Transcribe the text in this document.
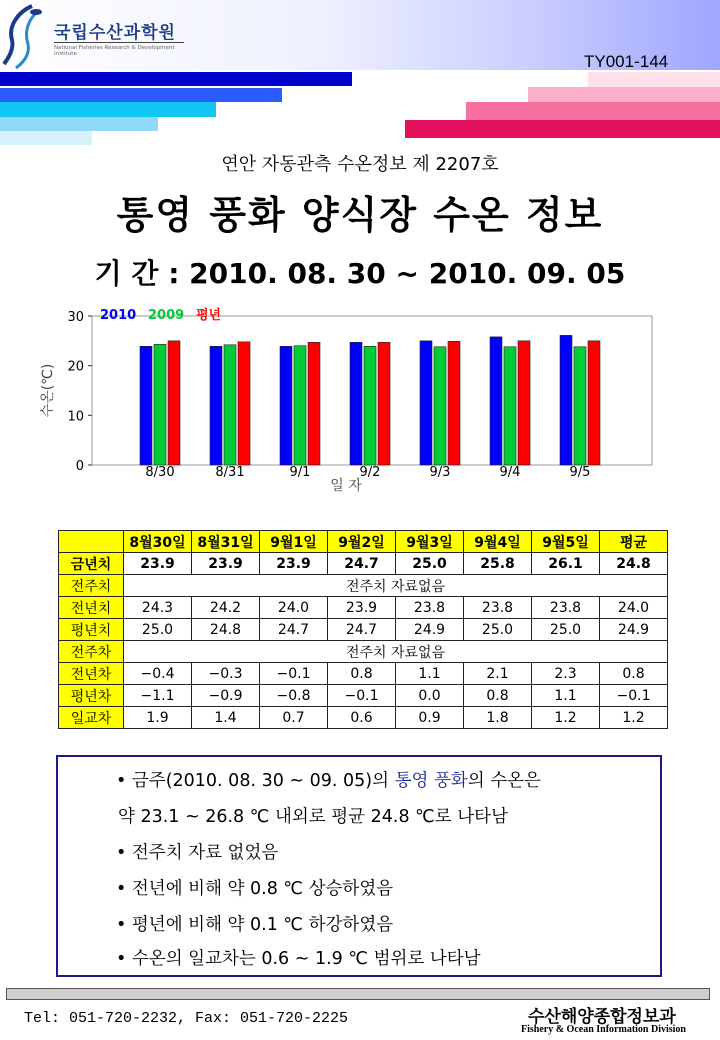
국립수산과학원
National Fisheries Research & Development Institute	TY001-144
연안 자동관측 수온정보 제 2207호
통영 풍화 양식장 수온 정보
기 간 : 2010. 08. 30 ~ 2010. 09. 05
0
10
20
30
수온(℃)
8/30	8/31	9/1	9/2	9/3	9/4	9/5
일 자
2010 2009 평년
	8월30일	8월31일	9월1일	9월2일	9월3일	9월4일	9월5일	평균
금년치	23.9	23.9	23.9	24.7	25.0	25.8	26.1	24.8
전주치	전주치 자료없음							
전년치	24.3	24.2	24.0	23.9	23.8	23.8	23.8	24.0
평년치	25.0	24.8	24.7	24.7	24.9	25.0	25.0	24.9
전주차	전주치 자료없음							
전년차	−0.4	−0.3	−0.1	0.8	1.1	2.1	2.3	0.8
평년차	−1.1	−0.9	−0.8	−0.1	0.0	0.8	1.1	−0.1
일교차	1.9	1.4	0.7	0.6	0.9	1.8	1.2	1.2
• 금주(2010. 08. 30 ~ 09. 05)의 통영 풍화의 수온은
약 23.1 ~ 26.8 ℃ 내외로 평균 24.8 ℃로 나타남
• 전주치 자료 없었음
• 전년에 비해 약 0.8 ℃ 상승하였음
• 평년에 비해 약 0.1 ℃ 하강하였음
• 수온의 일교차는 0.6 ~ 1.9 ℃ 범위로 나타남
Tel: 051-720-2232, Fax: 051-720-2225	수산해양종합정보과
Fishery & Ocean Information Division
